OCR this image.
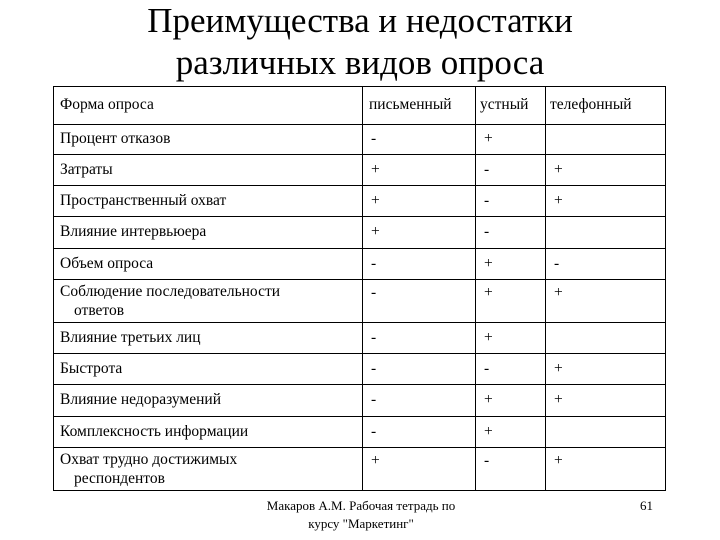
Преимущества и недостатки
различных видов опроса
Форма опроса	письменный	устный	телефонный
Процент отказов	-	+	
Затраты	+	-	+
Пространственный охват	+	-	+
Влияние интервьюера	+	-	
Объем опроса	-	+	-
Соблюдение последовательности
ответов	-	+	+
Влияние третьих лиц	-	+	
Быстрота	-	-	+
Влияние недоразумений	-	+	+
Комплексность информации	-	+	
Охват трудно достижимых
респондентов	+	-	+
Макаров А.М. Рабочая тетрадь по
курсу "Маркетинг"
61
